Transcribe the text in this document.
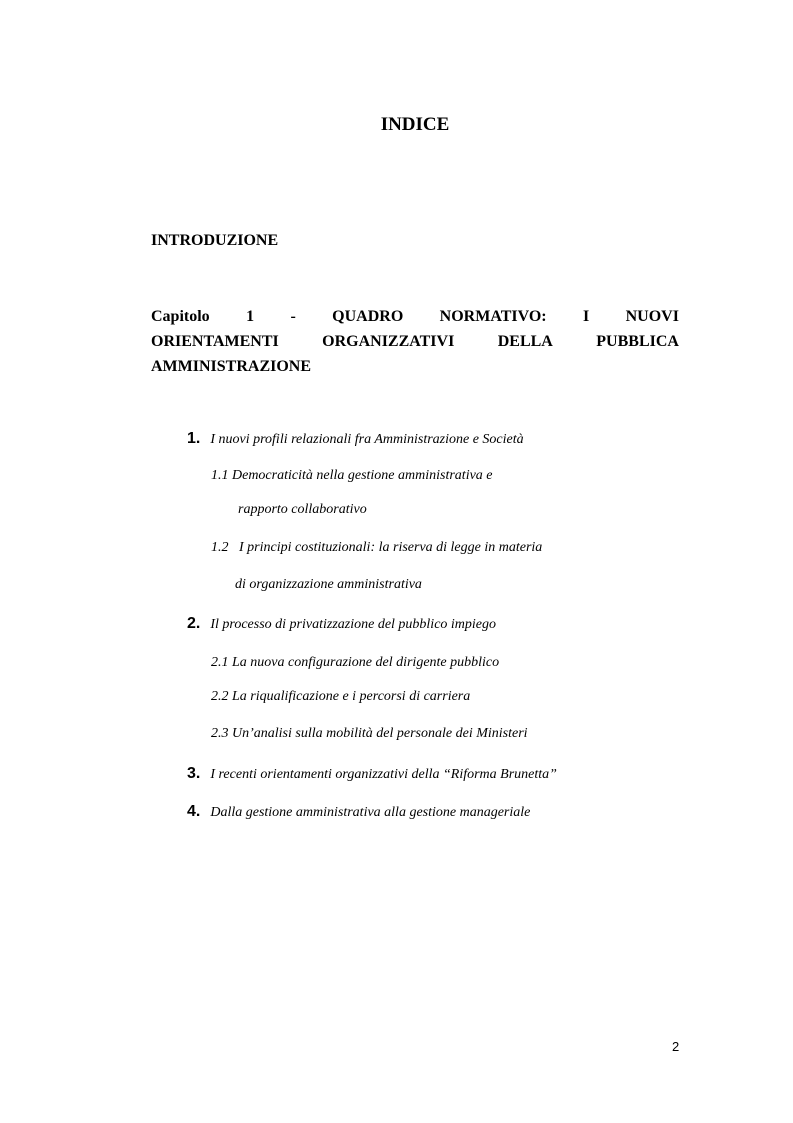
INDICE
INTRODUZIONE
Capitolo 1 - QUADRO NORMATIVO: I NUOVI
ORIENTAMENTI	ORGANIZZATIVI	DELLA	PUBBLICA
AMMINISTRAZIONE
1. I nuovi profili relazionali fra Amministrazione e Società
1.1 Democraticità nella gestione amministrativa e
rapporto collaborativo
1.2   I principi costituzionali: la riserva di legge in materia
di organizzazione amministrativa
2. Il processo di privatizzazione del pubblico impiego
2.1 La nuova configurazione del dirigente pubblico
2.2 La riqualificazione e i percorsi di carriera
2.3 Un’analisi sulla mobilità del personale dei Ministeri
3. I recenti orientamenti organizzativi della “Riforma Brunetta”
4. Dalla gestione amministrativa alla gestione manageriale
2
